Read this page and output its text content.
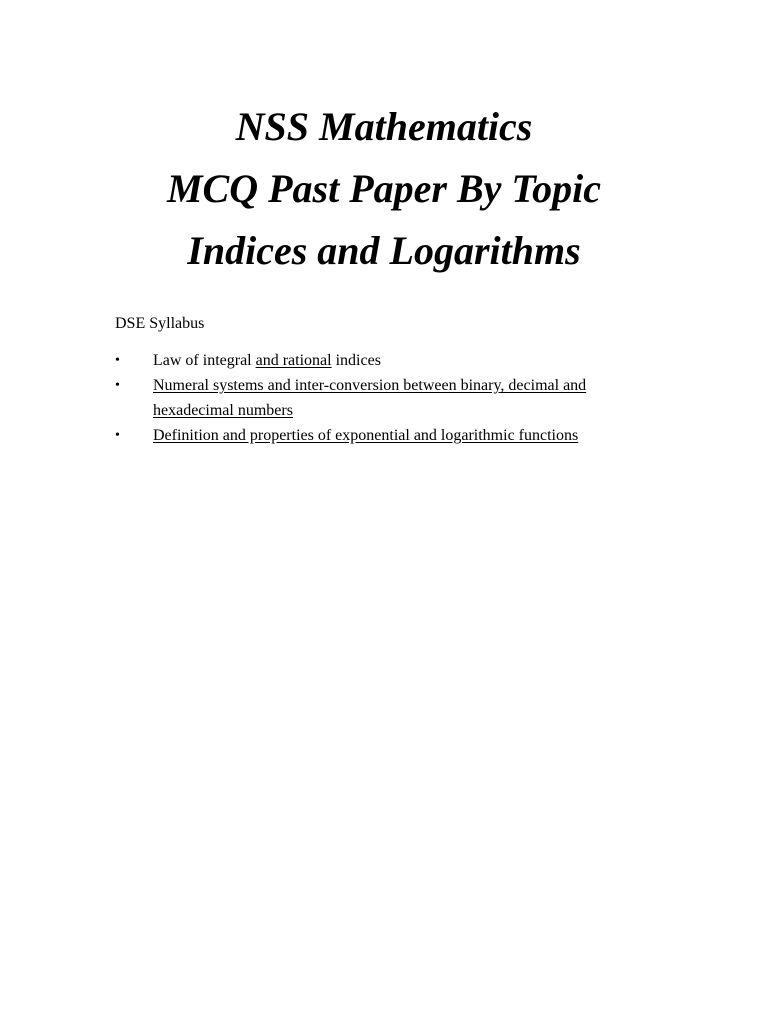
NSS Mathematics
MCQ Past Paper By Topic
Indices and Logarithms
DSE Syllabus
• Law of integral and rational indices
• Numeral systems and inter-conversion between binary, decimal and
hexadecimal numbers
• Definition and properties of exponential and logarithmic functions
